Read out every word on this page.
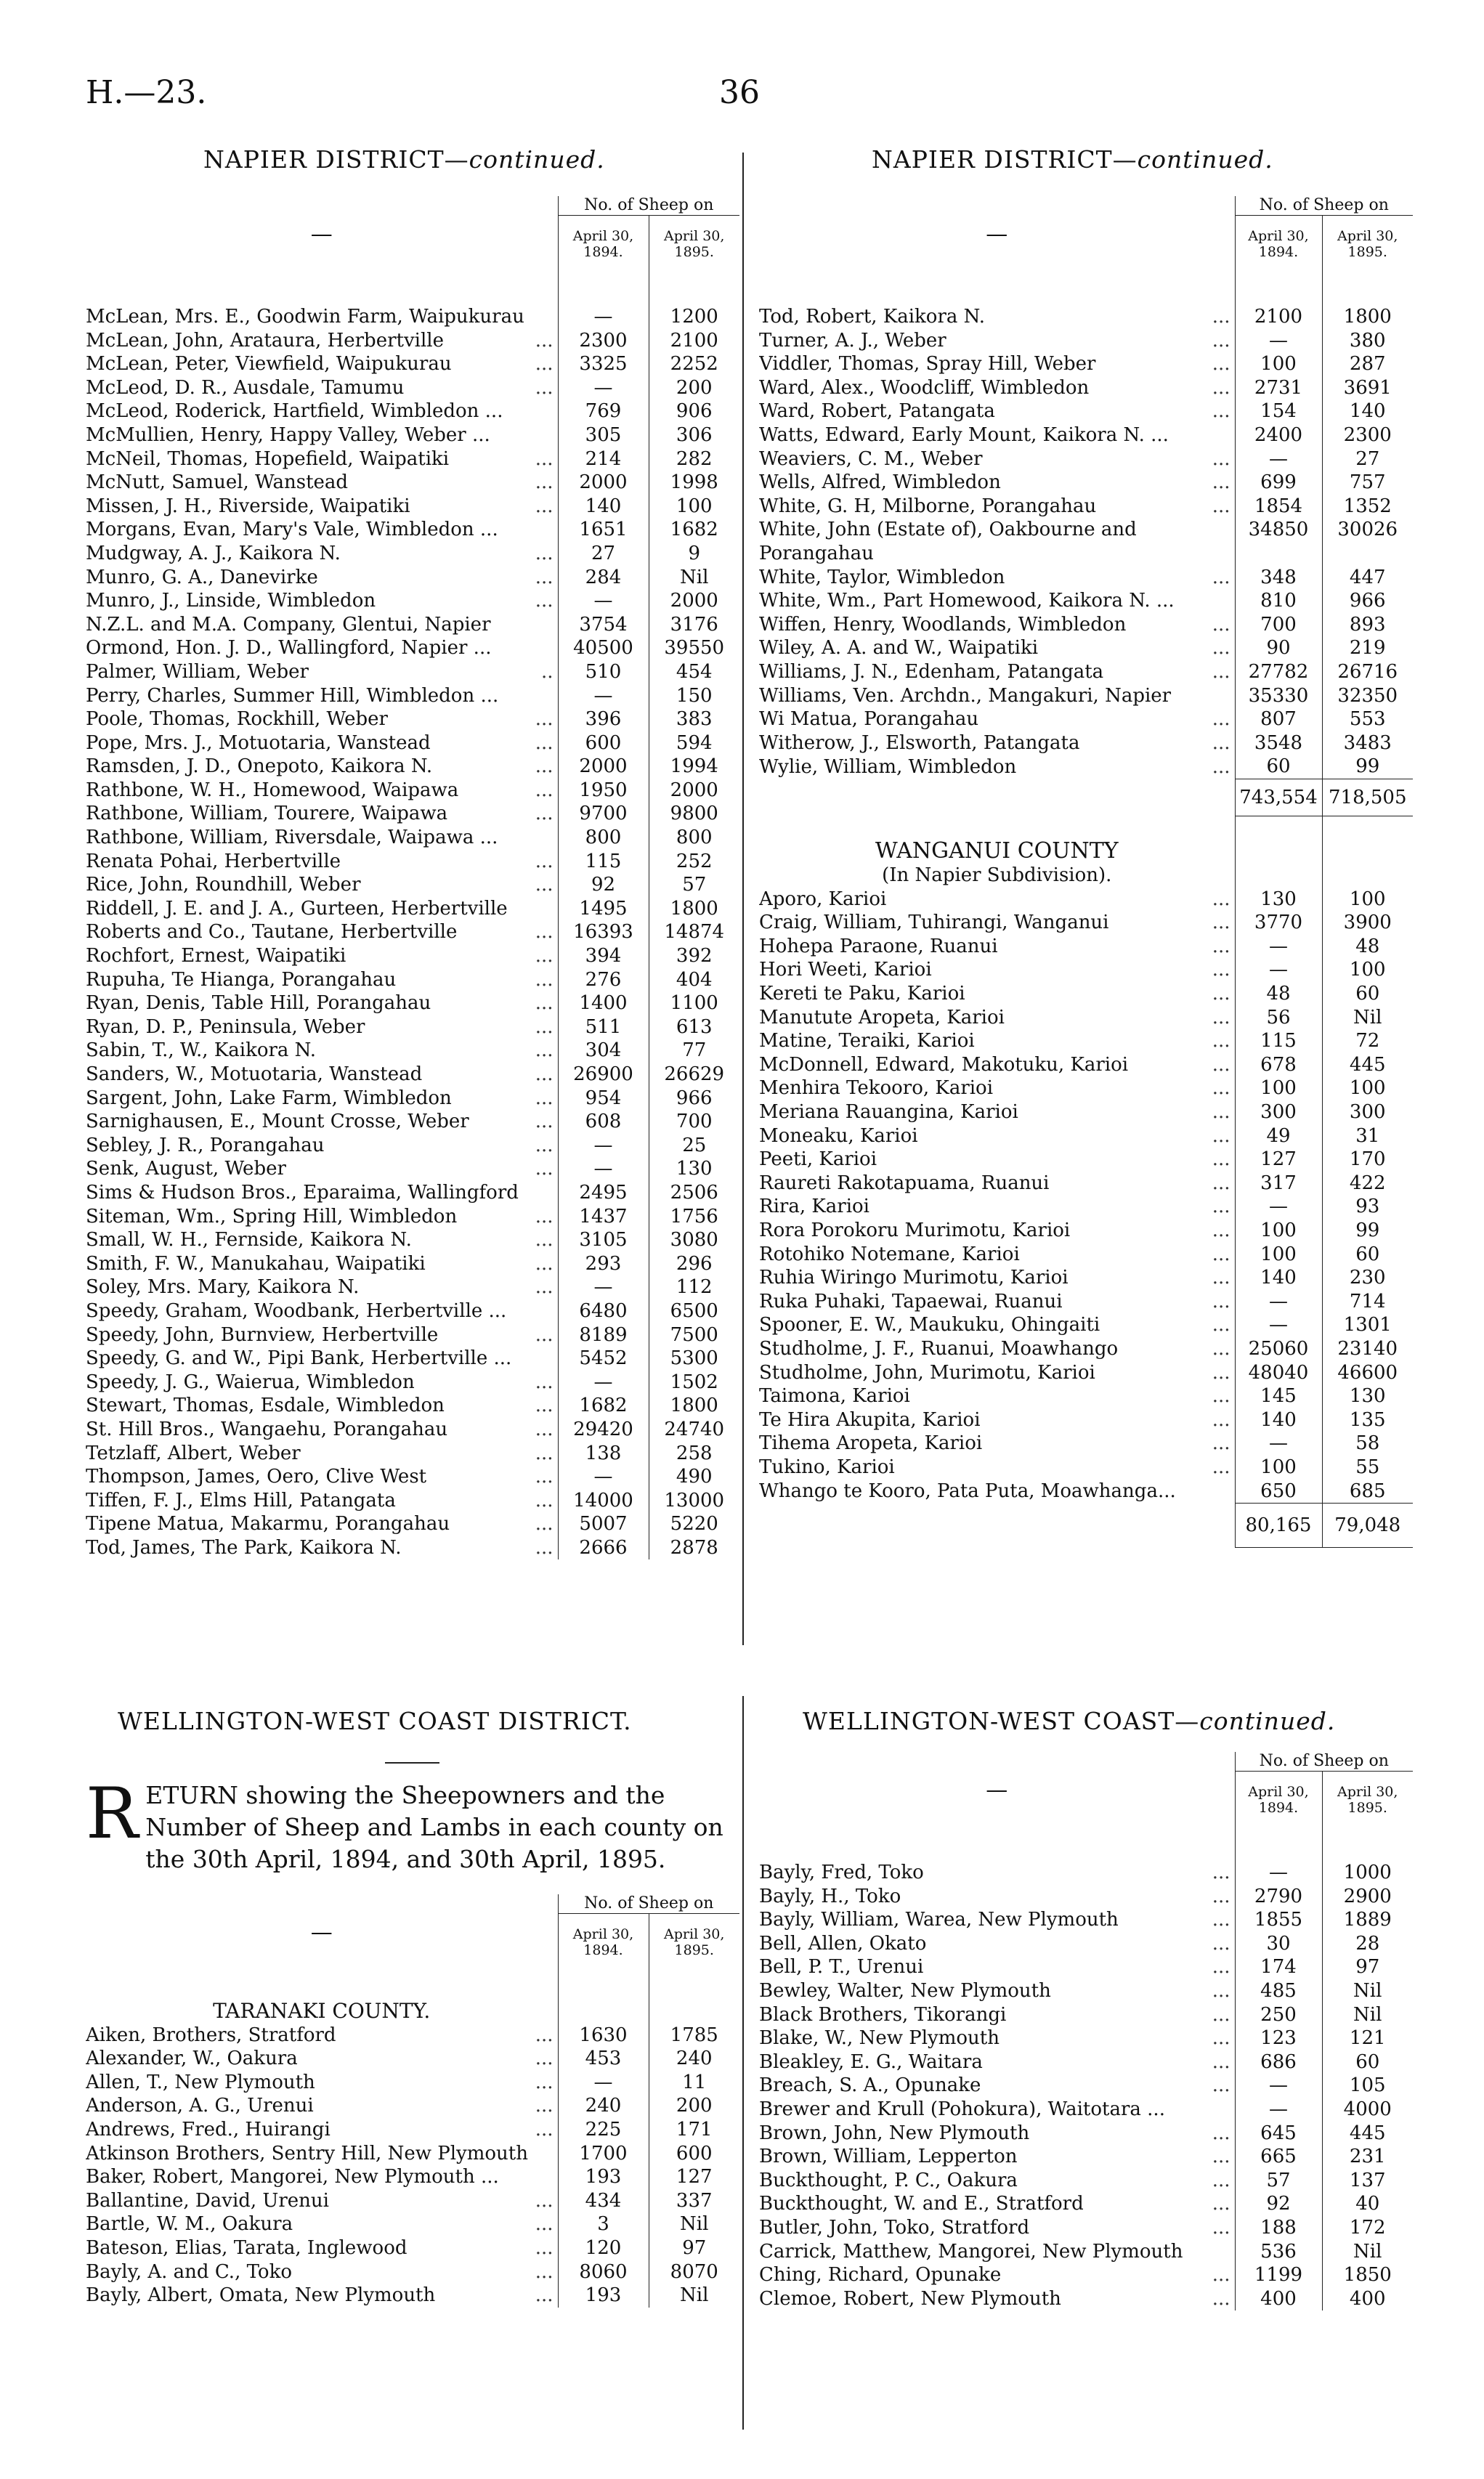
H.—23.	36
NAPIER DISTRICT—continued.
—	No. of Sheep on	

	April 30,
1894.	April 30,
1895.

McLean, Mrs. E., Goodwin Farm, Waipukurau	—	1200

...
McLean, John, Arataura, Herbertville	2300	2100

...
McLean, Peter, Viewfield, Waipukurau	3325	2252

...
McLeod, D. R., Ausdale, Tamumu	—	200

McLeod, Roderick, Hartfield, Wimbledon ...	769	906

McMullien, Henry, Happy Valley, Weber ...	305	306

...
McNeil, Thomas, Hopefield, Waipatiki	214	282

...
McNutt, Samuel, Wanstead	2000	1998

...
Missen, J. H., Riverside, Waipatiki	140	100

Morgans, Evan, Mary's Vale, Wimbledon ...	1651	1682

...
Mudgway, A. J., Kaikora N.	27	9

...
Munro, G. A., Danevirke	284	Nil

...
Munro, J., Linside, Wimbledon	—	2000

N.Z.L. and M.A. Company, Glentui, Napier	3754	3176

Ormond, Hon. J. D., Wallingford, Napier ...	40500	39550

..
Palmer, William, Weber	510	454

Perry, Charles, Summer Hill, Wimbledon ...	—	150

...
Poole, Thomas, Rockhill, Weber	396	383

...
Pope, Mrs. J., Motuotaria, Wanstead	600	594

...
Ramsden, J. D., Onepoto, Kaikora N.	2000	1994

...
Rathbone, W. H., Homewood, Waipawa	1950	2000

...
Rathbone, William, Tourere, Waipawa	9700	9800

Rathbone, William, Riversdale, Waipawa ...	800	800

...
Renata Pohai, Herbertville	115	252

...
Rice, John, Roundhill, Weber	92	57

Riddell, J. E. and J. A., Gurteen, Herbertville	1495	1800

...
Roberts and Co., Tautane, Herbertville	16393	14874

...
Rochfort, Ernest, Waipatiki	394	392

...
Rupuha, Te Hianga, Porangahau	276	404

...
Ryan, Denis, Table Hill, Porangahau	1400	1100

...
Ryan, D. P., Peninsula, Weber	511	613

...
Sabin, T., W., Kaikora N.	304	77

...
Sanders, W., Motuotaria, Wanstead	26900	26629

...
Sargent, John, Lake Farm, Wimbledon	954	966

...
Sarnighausen, E., Mount Crosse, Weber	608	700

...
Sebley, J. R., Porangahau	—	25

...
Senk, August, Weber	—	130

Sims & Hudson Bros., Eparaima, Wallingford	2495	2506

...
Siteman, Wm., Spring Hill, Wimbledon	1437	1756

...
Small, W. H., Fernside, Kaikora N.	3105	3080

...
Smith, F. W., Manukahau, Waipatiki	293	296

...
Soley, Mrs. Mary, Kaikora N.	—	112

Speedy, Graham, Woodbank, Herbertville ...	6480	6500

...
Speedy, John, Burnview, Herbertville	8189	7500

Speedy, G. and W., Pipi Bank, Herbertville ...	5452	5300

...
Speedy, J. G., Waierua, Wimbledon	—	1502

...
Stewart, Thomas, Esdale, Wimbledon	1682	1800

...
St. Hill Bros., Wangaehu, Porangahau	29420	24740

...
Tetzlaff, Albert, Weber	138	258

...
Thompson, James, Oero, Clive West	—	490

...
Tiffen, F. J., Elms Hill, Patangata	14000	13000

...
Tipene Matua, Makarmu, Porangahau	5007	5220

...
Tod, James, The Park, Kaikora N.	2666	2878
NAPIER DISTRICT—continued.
—	No. of Sheep on	

	April 30,
1894.	April 30,
1895.

...
Tod, Robert, Kaikora N.	2100	1800

...
Turner, A. J., Weber	—	380

...
Viddler, Thomas, Spray Hill, Weber	100	287

...
Ward, Alex., Woodcliff, Wimbledon	2731	3691

...
Ward, Robert, Patangata	154	140

Watts, Edward, Early Mount, Kaikora N. ...	2400	2300

...
Weaviers, C. M., Weber	—	27

...
Wells, Alfred, Wimbledon	699	757

...
White, G. H, Milborne, Porangahau	1854	1352

White, John (Estate of), Oakbourne and	34850	30026

Porangahau		

...
White, Taylor, Wimbledon	348	447

White, Wm., Part Homewood, Kaikora N. ...	810	966

...
Wiffen, Henry, Woodlands, Wimbledon	700	893

...
Wiley, A. A. and W., Waipatiki	90	219

...
Williams, J. N., Edenham, Patangata	27782	26716

Williams, Ven. Archdn., Mangakuri, Napier	35330	32350

...
Wi Matua, Porangahau	807	553

...
Witherow, J., Elsworth, Patangata	3548	3483

...
Wylie, William, Wimbledon	60	99
	743,554	718,505

WANGANUI COUNTY		
(In Napier Subdivision).		

...
Aporo, Karioi	130	100

...
Craig, William, Tuhirangi, Wanganui	3770	3900

...
Hohepa Paraone, Ruanui	—	48

...
Hori Weeti, Karioi	—	100

...
Kereti te Paku, Karioi	48	60

...
Manutute Aropeta, Karioi	56	Nil

...
Matine, Teraiki, Karioi	115	72

...
McDonnell, Edward, Makotuku, Karioi	678	445

...
Menhira Tekooro, Karioi	100	100

...
Meriana Rauangina, Karioi	300	300

...
Moneaku, Karioi	49	31

...
Peeti, Karioi	127	170

...
Raureti Rakotapuama, Ruanui	317	422

...
Rira, Karioi	—	93

...
Rora Porokoru Murimotu, Karioi	100	99

...
Rotohiko Notemane, Karioi	100	60

...
Ruhia Wiringo Murimotu, Karioi	140	230

...
Ruka Puhaki, Tapaewai, Ruanui	—	714

...
Spooner, E. W., Maukuku, Ohingaiti	—	1301

...
Studholme, J. F., Ruanui, Moawhango	25060	23140

...
Studholme, John, Murimotu, Karioi	48040	46600

...
Taimona, Karioi	145	130

...
Te Hira Akupita, Karioi	140	135

...
Tihema Aropeta, Karioi	—	58

...
Tukino, Karioi	100	55

Whango te Kooro, Pata Puta, Moawhanga...	650	685
	80,165	79,048
WELLINGTON-WEST COAST DISTRICT.
RETURN showing the Sheepowners and the Number of Sheep and Lambs in each county on the 30th April, 1894, and 30th April, 1895.
—	No. of Sheep on	

	April 30,
1894.	April 30,
1895.

TARANAKI COUNTY.		

...
Aiken, Brothers, Stratford	1630	1785

...
Alexander, W., Oakura	453	240

...
Allen, T., New Plymouth	—	11

...
Anderson, A. G., Urenui	240	200

...
Andrews, Fred., Huirangi	225	171

Atkinson Brothers, Sentry Hill, New Plymouth	1700	600

Baker, Robert, Mangorei, New Plymouth ...	193	127

...
Ballantine, David, Urenui	434	337

...
Bartle, W. M., Oakura	3	Nil

...
Bateson, Elias, Tarata, Inglewood	120	97

...
Bayly, A. and C., Toko	8060	8070

...
Bayly, Albert, Omata, New Plymouth	193	Nil
WELLINGTON-WEST COAST—continued.
—	No. of Sheep on	

	April 30,
1894.	April 30,
1895.

...
Bayly, Fred, Toko	—	1000

...
Bayly, H., Toko	2790	2900

...
Bayly, William, Warea, New Plymouth	1855	1889

...
Bell, Allen, Okato	30	28

...
Bell, P. T., Urenui	174	97

...
Bewley, Walter, New Plymouth	485	Nil

...
Black Brothers, Tikorangi	250	Nil

...
Blake, W., New Plymouth	123	121

...
Bleakley, E. G., Waitara	686	60

...
Breach, S. A., Opunake	—	105

Brewer and Krull (Pohokura), Waitotara ...	—	4000

...
Brown, John, New Plymouth	645	445

...
Brown, William, Lepperton	665	231

...
Buckthought, P. C., Oakura	57	137

...
Buckthought, W. and E., Stratford	92	40

...
Butler, John, Toko, Stratford	188	172

Carrick, Matthew, Mangorei, New Plymouth	536	Nil

...
Ching, Richard, Opunake	1199	1850

...
Clemoe, Robert, New Plymouth	400	400
